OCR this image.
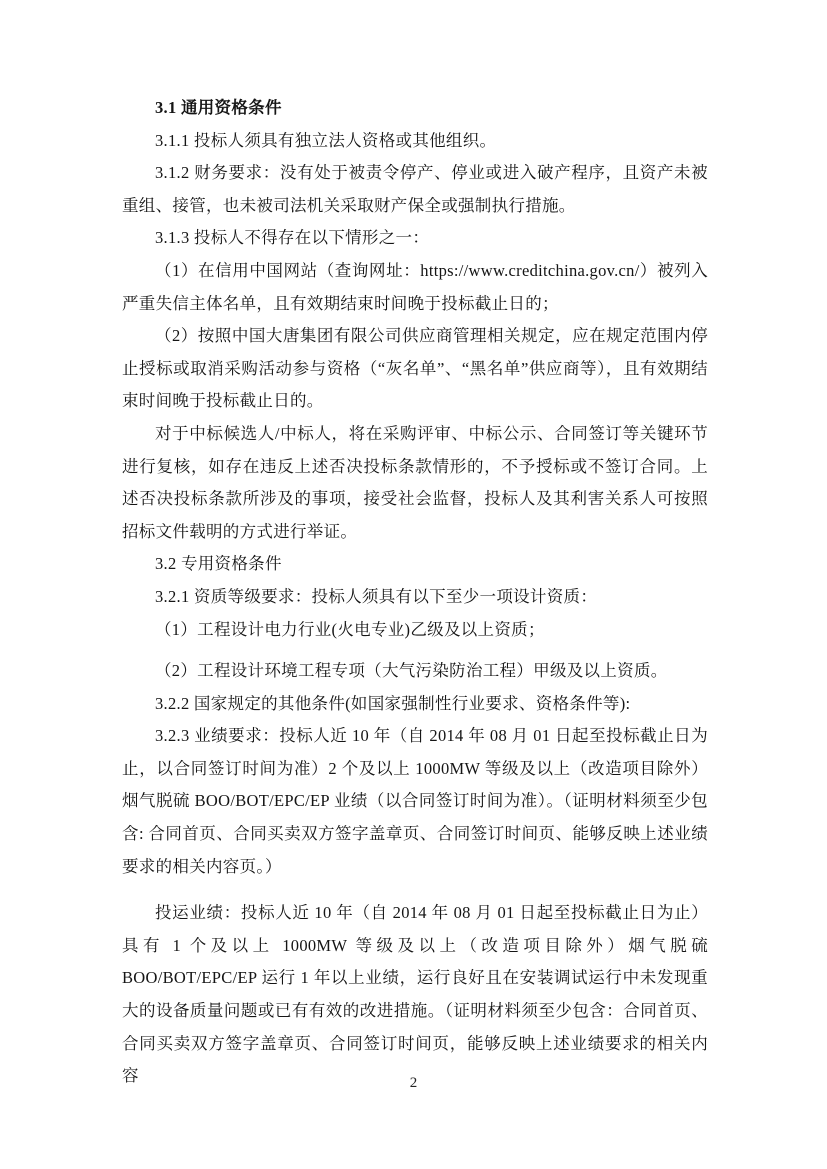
3.1 通用资格条件

3.1.1 投标人须具有独立法人资格或其他组织。

3.1.2 财务要求：没有处于被责令停产、停业或进入破产程序，且资产未被重组、接管，也未被司法机关采取财产保全或强制执行措施。

3.1.3 投标人不得存在以下情形之一：

（1）在信用中国网站（查询网址：https://www.creditchina.gov.cn/）被列入严重失信主体名单，且有效期结束时间晚于投标截止日的；

（2）按照中国大唐集团有限公司供应商管理相关规定，应在规定范围内停止授标或取消采购活动参与资格（“灰名单”、“黑名单”供应商等），且有效期结束时间晚于投标截止日的。

对于中标候选人/中标人，将在采购评审、中标公示、合同签订等关键环节进行复核，如存在违反上述否决投标条款情形的，不予授标或不签订合同。上述否决投标条款所涉及的事项，接受社会监督，投标人及其利害关系人可按照招标文件载明的方式进行举证。

3.2 专用资格条件

3.2.1 资质等级要求：投标人须具有以下至少一项设计资质：

（1）工程设计电力行业(火电专业)乙级及以上资质；

（2）工程设计环境工程专项（大气污染防治工程）甲级及以上资质。

3.2.2 国家规定的其他条件(如国家强制性行业要求、资格条件等):

3.2.3 业绩要求：投标人近 10 年（自 2014 年 08 月 01 日起至投标截止日为止，以合同签订时间为准）2 个及以上 1000MW 等级及以上（改造项目除外）烟气脱硫 BOO/BOT/EPC/EP 业绩（以合同签订时间为准）。（证明材料须至少包含: 合同首页、合同买卖双方签字盖章页、合同签订时间页、能够反映上述业绩要求的相关内容页。）

投运业绩：投标人近 10 年（自 2014 年 08 月 01 日起至投标截止日为止）具有 1 个及以上 1000MW 等级及以上（改造项目除外）烟气脱硫 BOO/BOT/EPC/EP 运行 1 年以上业绩，运行良好且在安装调试运行中未发现重大的设备质量问题或已有有效的改进措施。（证明材料须至少包含：合同首页、合同买卖双方签字盖章页、合同签订时间页，能够反映上述业绩要求的相关内容	2
